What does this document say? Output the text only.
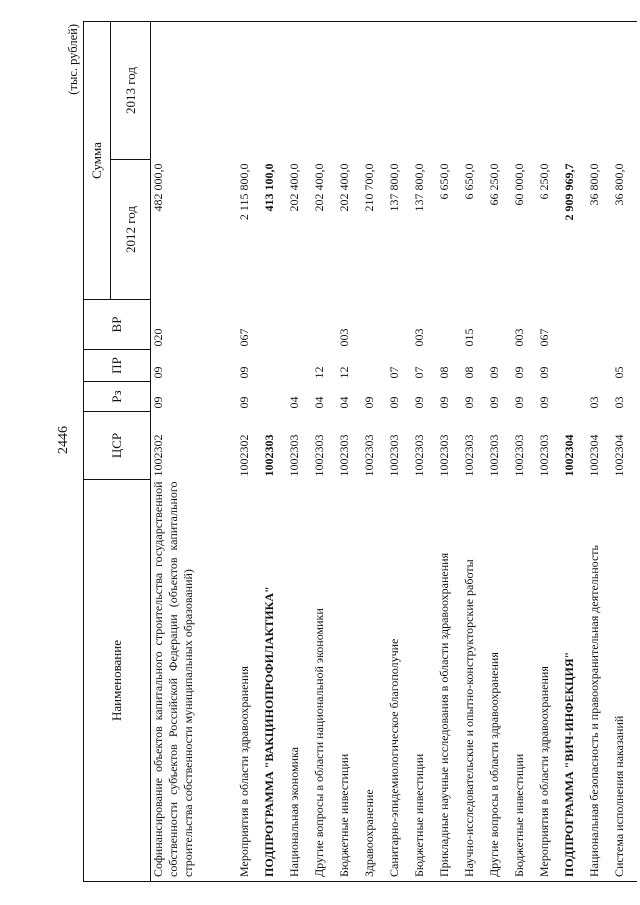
2446
(тыс. рублей)
Наименование	ЦСР	Рз	ПР	ВР	Сумма	
					2012 год	2013 год
Софинансирование объектов капитального строительства государственной собственности субъектов Российской Федерации (объектов капитального строительства собственности муниципальных образований)	1002302	09	09	020	482 000,0	
Мероприятия в области здравоохранения	1002302	09	09	067	2 115 800,0	
ПОДПРОГРАММА "ВАКЦИНОПРОФИЛАКТИКА"	1002303				413 100,0	
Национальная экономика	1002303	04			202 400,0	
Другие вопросы в области национальной экономики	1002303	04	12		202 400,0	
Бюджетные инвестиции	1002303	04	12	003	202 400,0	
Здравоохранение	1002303	09			210 700,0	
Санитарно-эпидемиологическое благополучие	1002303	09	07		137 800,0	
Бюджетные инвестиции	1002303	09	07	003	137 800,0	
Прикладные научные исследования в области здравоохранения	1002303	09	08		6 650,0	
Научно-исследовательские и опытно-конструкторские работы	1002303	09	08	015	6 650,0	
Другие вопросы в области здравоохранения	1002303	09	09		66 250,0	
Бюджетные инвестиции	1002303	09	09	003	60 000,0	
Мероприятия в области здравоохранения	1002303	09	09	067	6 250,0	
ПОДПРОГРАММА "ВИЧ-ИНФЕКЦИЯ"	1002304				2 909 969,7	
Национальная безопасность и правоохранительная деятельность	1002304	03			36 800,0	
Система исполнения наказаний	1002304	03	05		36 800,0	
